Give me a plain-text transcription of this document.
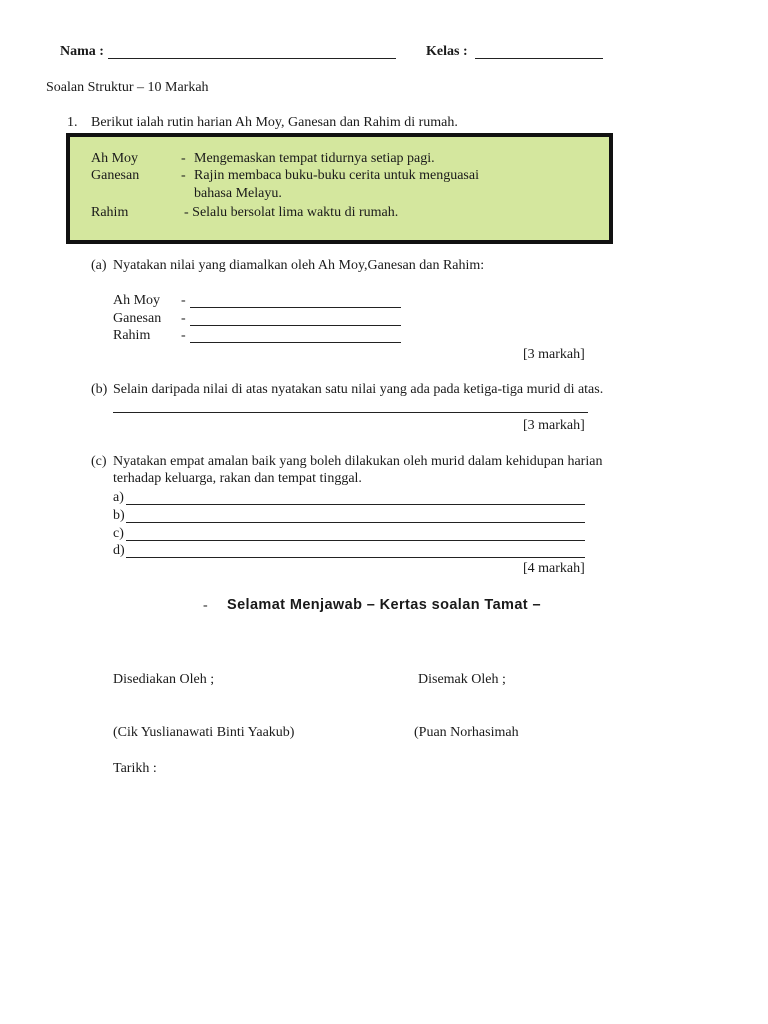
Nama :	Kelas :
Soalan Struktur – 10 Markah
1. Berikut ialah rutin harian Ah Moy, Ganesan dan Rahim di rumah.
Ah Moy	- Mengemaskan tempat tidurnya setiap pagi.
Ganesan	- Rajin membaca buku-buku cerita untuk menguasai
bahasa Melayu.
Rahim	- Selalu bersolat lima waktu di rumah.
(a) Nyatakan nilai yang diamalkan oleh Ah Moy,Ganesan dan Rahim:
Ah Moy -
Ganesan -
Rahim -
[3 markah]
(b) Selain daripada nilai di atas nyatakan satu nilai yang ada pada ketiga-tiga murid di atas.
[3 markah]
(c) Nyatakan empat amalan baik yang boleh dilakukan oleh murid dalam kehidupan harian
terhadap keluarga, rakan dan tempat tinggal.
a)
b)
c)
d)
[4 markah]
- Selamat Menjawab – Kertas soalan Tamat –
Disediakan Oleh ;	Disemak Oleh ;
(Cik Yuslianawati Binti Yaakub)	(Puan Norhasimah
Tarikh :
